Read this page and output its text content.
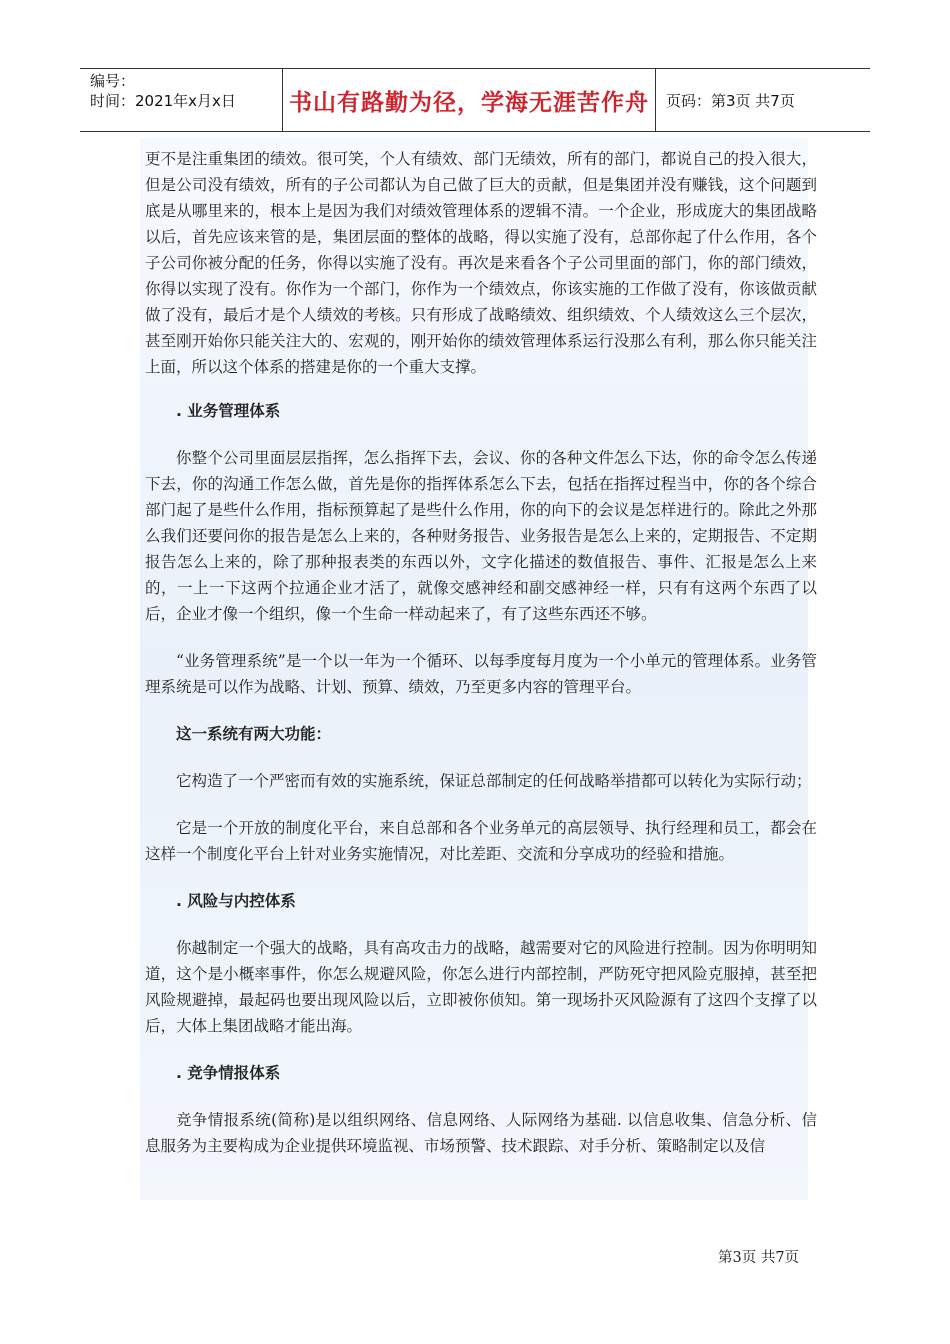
编号：
时间：2021年x月x日	书山有路勤为径，学海无涯苦作舟	页码：第3页 共7页

更不是注重集团的绩效。很可笑，个人有绩效、部门无绩效，所有的部门，都说自己的投入很大，但是公司没有绩效，所有的子公司都认为自己做了巨大的贡献，但是集团并没有赚钱，这个问题到底是从哪里来的，根本上是因为我们对绩效管理体系的逻辑不清。一个企业，形成庞大的集团战略以后，首先应该来管的是，集团层面的整体的战略，得以实施了没有，总部你起了什么作用，各个子公司你被分配的任务，你得以实施了没有。再次是来看各个子公司里面的部门，你的部门绩效，你得以实现了没有。你作为一个部门，你作为一个绩效点，你该实施的工作做了没有，你该做贡献做了没有，最后才是个人绩效的考核。只有形成了战略绩效、组织绩效、个人绩效这么三个层次，甚至刚开始你只能关注大的、宏观的，刚开始你的绩效管理体系运行没那么有利，那么你只能关注上面，所以这个体系的搭建是你的一个重大支撑。

. 业务管理体系

你整个公司里面层层指挥，怎么指挥下去，会议、你的各种文件怎么下达，你的命令怎么传递下去，你的沟通工作怎么做，首先是你的指挥体系怎么下去，包括在指挥过程当中，你的各个综合部门起了是些什么作用，指标预算起了是些什么作用，你的向下的会议是怎样进行的。除此之外那么我们还要问你的报告是怎么上来的，各种财务报告、业务报告是怎么上来的，定期报告、不定期报告怎么上来的，除了那种报表类的东西以外，文字化描述的数值报告、事件、汇报是怎么上来的，一上一下这两个拉通企业才活了，就像交感神经和副交感神经一样，只有有这两个东西了以后，企业才像一个组织，像一个生命一样动起来了，有了这些东西还不够。

“业务管理系统”是一个以一年为一个循环、以每季度每月度为一个小单元的管理体系。业务管理系统是可以作为战略、计划、预算、绩效，乃至更多内容的管理平台。

这一系统有两大功能：

它构造了一个严密而有效的实施系统，保证总部制定的任何战略举措都可以转化为实际行动；

它是一个开放的制度化平台，来自总部和各个业务单元的高层领导、执行经理和员工，都会在这样一个制度化平台上针对业务实施情况，对比差距、交流和分享成功的经验和措施。

. 风险与内控体系

你越制定一个强大的战略，具有高攻击力的战略，越需要对它的风险进行控制。因为你明明知道，这个是小概率事件，你怎么规避风险，你怎么进行内部控制，严防死守把风险克服掉，甚至把风险规避掉，最起码也要出现风险以后，立即被你侦知。第一现场扑灭风险源有了这四个支撑了以后，大体上集团战略才能出海。

. 竞争情报体系

竞争情报系统(简称)是以组织网络、信息网络、人际网络为基础. 以信息收集、信急分析、信息服务为主要构成为企业提供环境监视、市场预警、技术跟踪、对手分析、策略制定以及信

第3页 共7页
